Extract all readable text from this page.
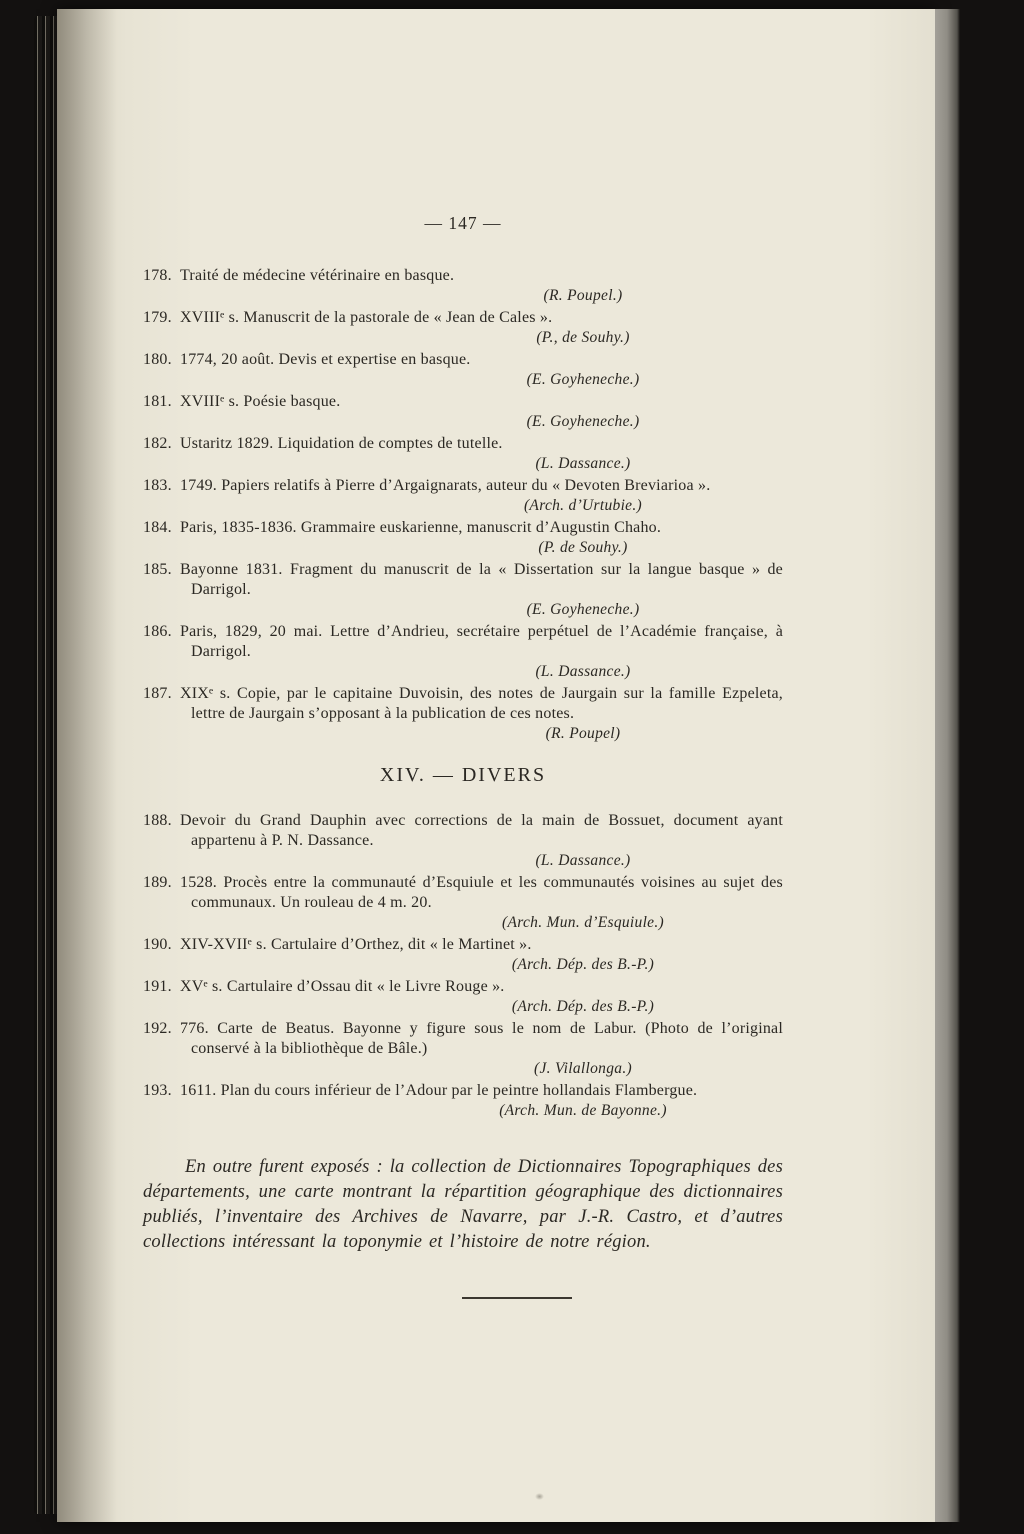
— 147 —
178. Traité de médecine vétérinaire en basque.
(R. Poupel.)
179. XVIIIᵉ s. Manuscrit de la pastorale de « Jean de Cales ».
(P., de Souhy.)
180. 1774, 20 août. Devis et expertise en basque.
(E. Goyheneche.)
181. XVIIIᵉ s. Poésie basque.
(E. Goyheneche.)
182. Ustaritz 1829. Liquidation de comptes de tutelle.
(L. Dassance.)
183. 1749. Papiers relatifs à Pierre d’Argaignarats, auteur du « Devoten Breviarioa ».
(Arch. d’Urtubie.)
184. Paris, 1835-1836. Grammaire euskarienne, manuscrit d’Augustin Chaho.
(P. de Souhy.)
185. Bayonne 1831. Fragment du manuscrit de la « Dissertation sur la langue basque » de Darrigol.
(E. Goyheneche.)
186. Paris, 1829, 20 mai. Lettre d’Andrieu, secrétaire perpétuel de l’Académie française, à Darrigol.
(L. Dassance.)
187. XIXᵉ s. Copie, par le capitaine Duvoisin, des notes de Jaurgain sur la famille Ezpeleta, lettre de Jaurgain s’opposant à la publication de ces notes.
(R. Poupel)
XIV. — DIVERS
188. Devoir du Grand Dauphin avec corrections de la main de Bossuet, document ayant appartenu à P. N. Dassance.
(L. Dassance.)
189. 1528. Procès entre la communauté d’Esquiule et les communautés voisines au sujet des communaux. Un rouleau de 4 m. 20.
(Arch. Mun. d’Esquiule.)
190. XIV-XVIIᵉ s. Cartulaire d’Orthez, dit « le Martinet ».
(Arch. Dép. des B.-P.)
191. XVᵉ s. Cartulaire d’Ossau dit « le Livre Rouge ».
(Arch. Dép. des B.-P.)
192. 776. Carte de Beatus. Bayonne y figure sous le nom de Labur. (Photo de l’original conservé à la bibliothèque de Bâle.)
(J. Vilallonga.)
193. 1611. Plan du cours inférieur de l’Adour par le peintre hollandais Flambergue.
(Arch. Mun. de Bayonne.)

En outre furent exposés : la collection de Dictionnaires Topographiques des départements, une carte montrant la répartition géographique des dictionnaires publiés, l’inventaire des Archives de Navarre, par J.-R. Castro, et d’autres collections intéressant la toponymie et l’histoire de notre région.
